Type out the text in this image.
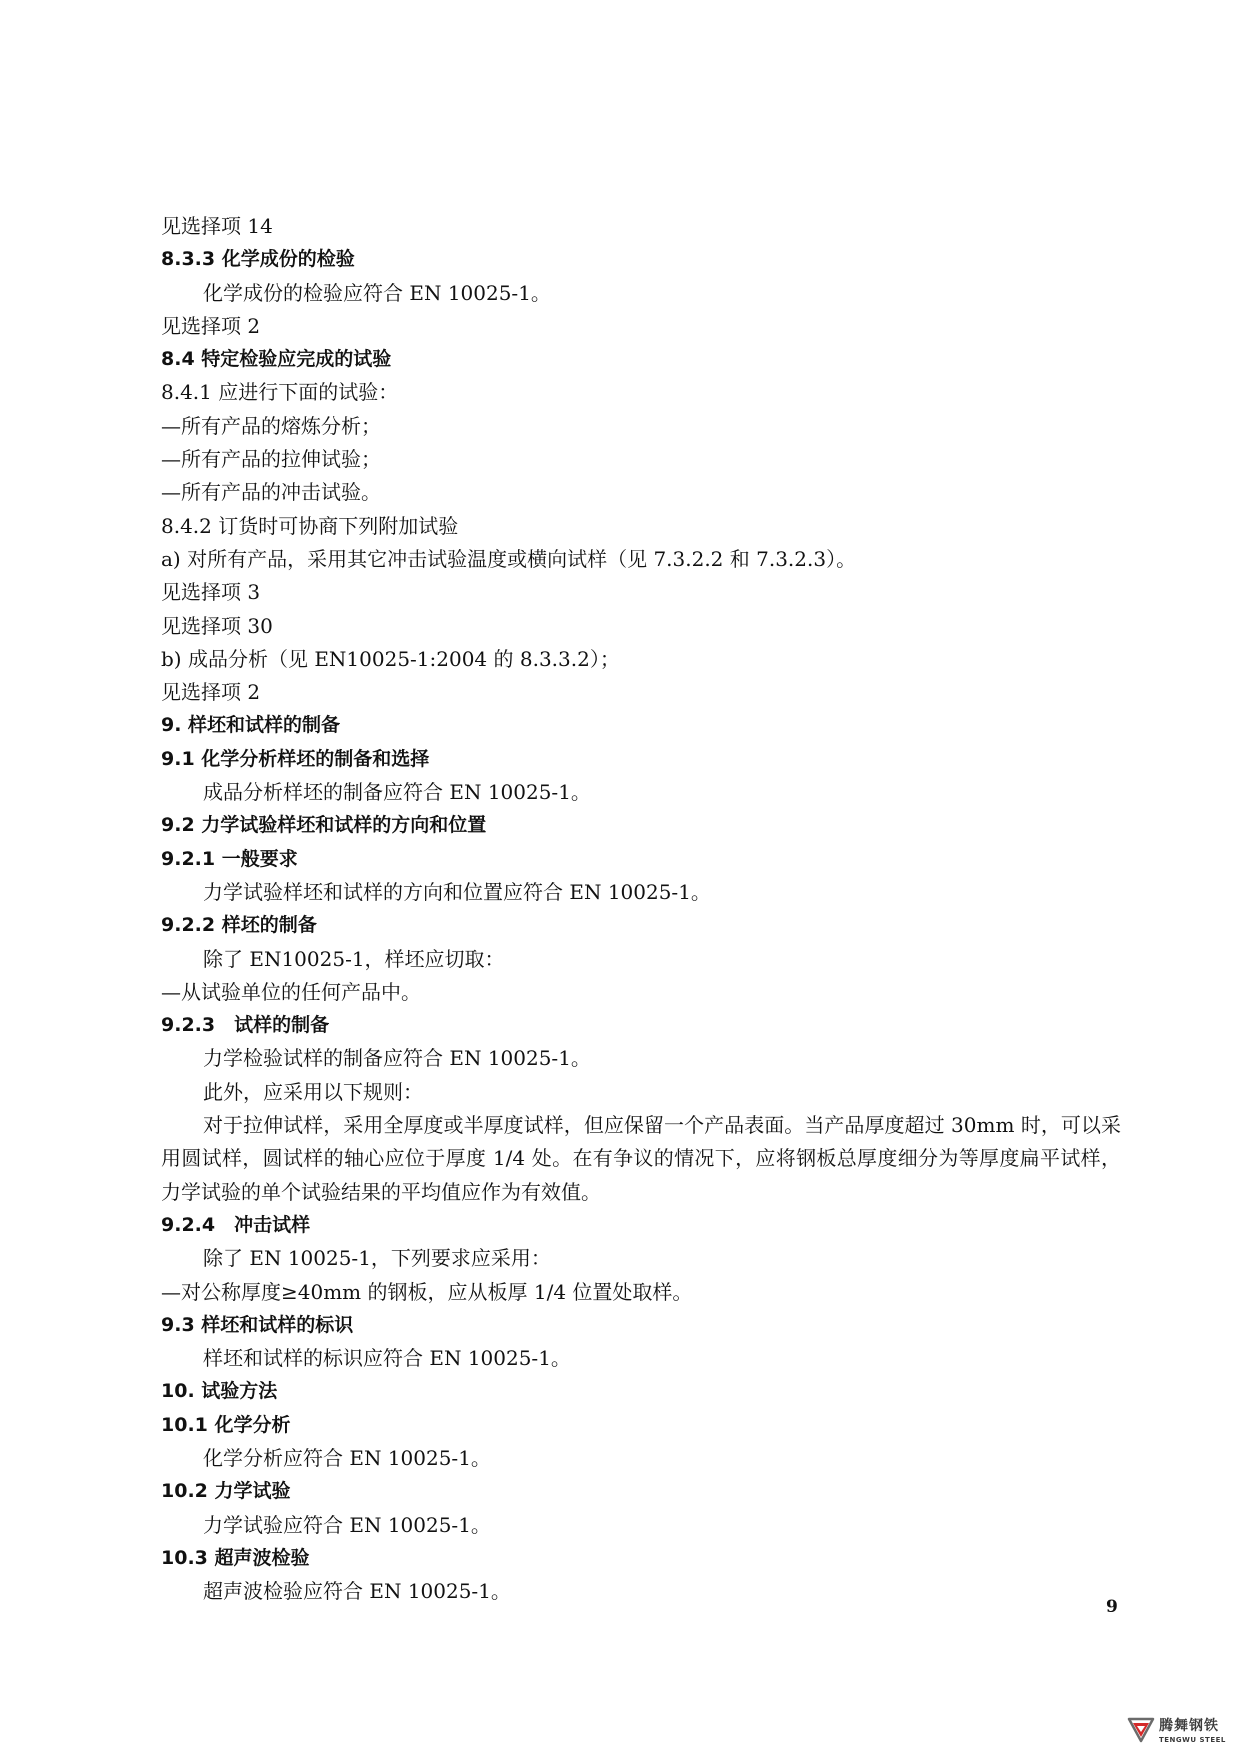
见选择项 14
8.3.3 化学成份的检验
化学成份的检验应符合 EN 10025-1。
见选择项 2
8.4 特定检验应完成的试验
8.4.1 应进行下面的试验：
—所有产品的熔炼分析；
—所有产品的拉伸试验；
—所有产品的冲击试验。
8.4.2 订货时可协商下列附加试验
a) 对所有产品，采用其它冲击试验温度或横向试样（见 7.3.2.2 和 7.3.2.3）。
见选择项 3
见选择项 30
b) 成品分析（见 EN10025-1:2004 的 8.3.3.2）；
见选择项 2
9. 样坯和试样的制备
9.1 化学分析样坯的制备和选择
成品分析样坯的制备应符合 EN 10025-1。
9.2 力学试验样坯和试样的方向和位置
9.2.1 一般要求
力学试验样坯和试样的方向和位置应符合 EN 10025-1。
9.2.2 样坯的制备
除了 EN10025-1，样坯应切取：
—从试验单位的任何产品中。
9.2.3　试样的制备
力学检验试样的制备应符合 EN 10025-1。
此外，应采用以下规则：
对于拉伸试样，采用全厚度或半厚度试样，但应保留一个产品表面。当产品厚度超过 30mm 时，可以采用圆试样，圆试样的轴心应位于厚度 1/4 处。在有争议的情况下，应将钢板总厚度细分为等厚度扁平试样，力学试验的单个试验结果的平均值应作为有效值。
9.2.4　冲击试样
除了 EN 10025-1，下列要求应采用：
—对公称厚度≥40mm 的钢板，应从板厚 1/4 位置处取样。
9.3 样坯和试样的标识
样坯和试样的标识应符合 EN 10025-1。
10. 试验方法
10.1 化学分析
化学分析应符合 EN 10025-1。
10.2 力学试验
力学试验应符合 EN 10025-1。
10.3 超声波检验
超声波检验应符合 EN 10025-1。
9
腾舞钢铁
TENGWU STEEL
